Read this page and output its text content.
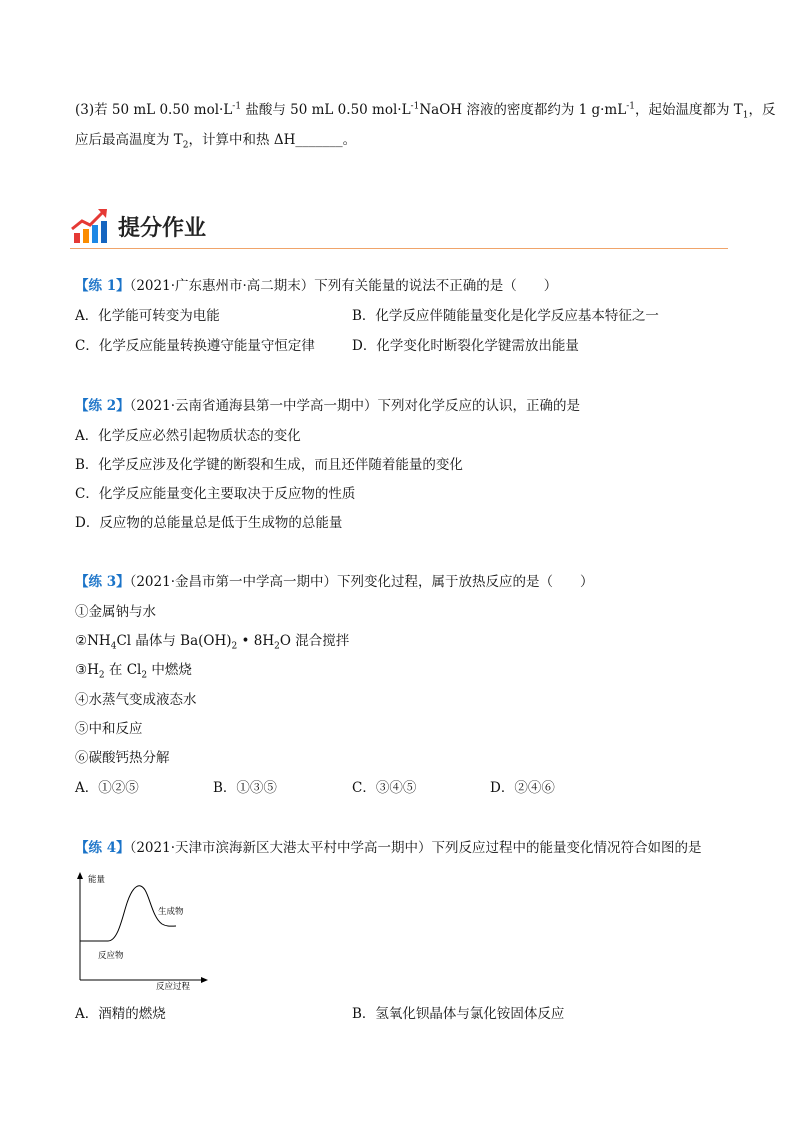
(3)若 50 mL 0.50 $mol\cdot L^{-1}$ 盐酸与 50 mL 0.50 $mol\cdot L^{-1}NaOH$ 溶液的密度都约为 1 $g\cdot mL^{-1}$，起始温度都为 $T_1$，反
应后最高温度为 $T_2$，计算中和热 ΔH_______。
提分作业
【练 1】（2021·广东惠州市·高二期末）下列有关能量的说法不正确的是（　　）
A．化学能可转变为电能	B．化学反应伴随能量变化是化学反应基本特征之一
C．化学反应能量转换遵守能量守恒定律	D．化学变化时断裂化学键需放出能量
【练 2】（2021·云南省通海县第一中学高一期中）下列对化学反应的认识，正确的是
A．化学反应必然引起物质状态的变化
B．化学反应涉及化学键的断裂和生成，而且还伴随着能量的变化
C．化学反应能量变化主要取决于反应物的性质
D．反应物的总能量总是低于生成物的总能量
【练 3】（2021·金昌市第一中学高一期中）下列变化过程，属于放热反应的是（　　）
①金属钠与水
$②NH_4Cl$ 晶体与 $Ba(OH)_2$ • $8H_2O$ 混合搅拌
$③H_2$ 在 $Cl_2$ 中燃烧
④水蒸气变成液态水
⑤中和反应
⑥碳酸钙热分解
A．①②⑤	B．①③⑤	C．③④⑤	D．②④⑥
【练 4】（2021·天津市滨海新区大港太平村中学高一期中）下列反应过程中的能量变化情况符合如图的是
能量
生成物
反应物
反应过程
A．酒精的燃烧	B．氢氧化钡晶体与氯化铵固体反应
